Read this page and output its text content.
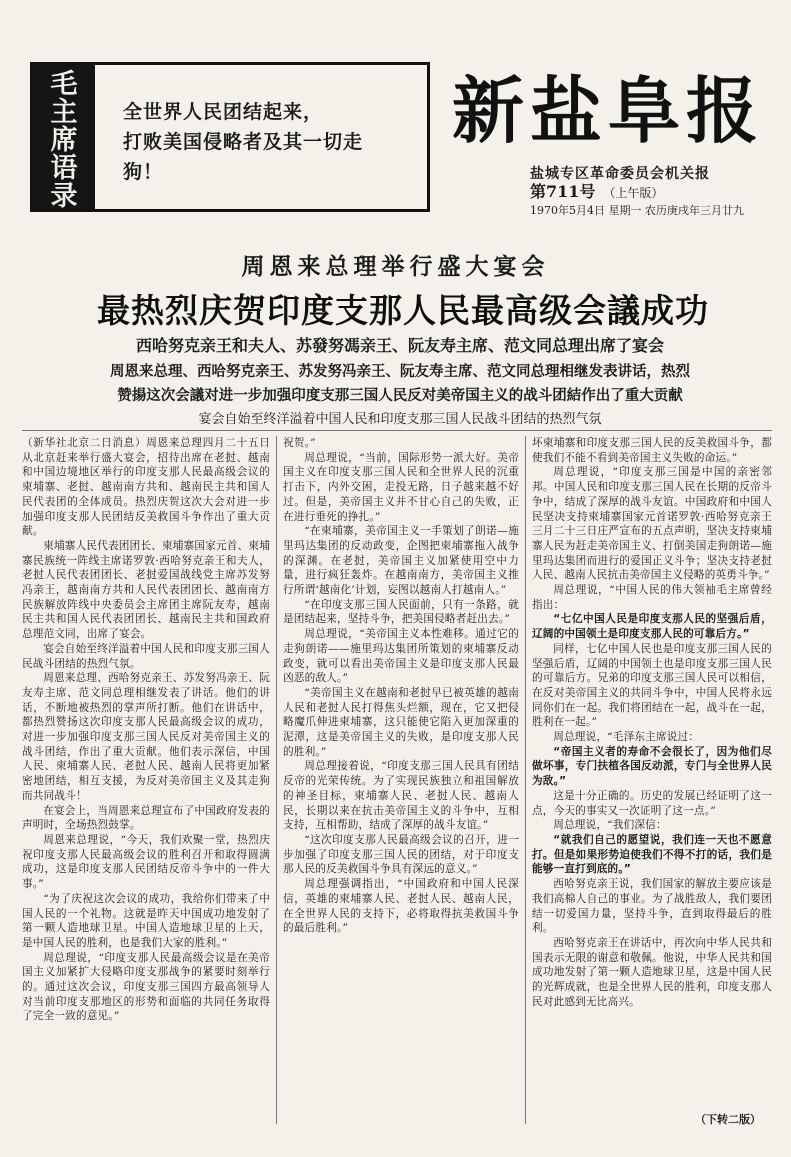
毛
主
席
语
录
全世界人民团结起来，
打败美国侵略者及其一切走
狗！
新盐阜报
盐城专区革命委员会机关报
第711号 （上午版）
1970年5月4日 星期一 农历庚戌年三月廿九
周恩来总理举行盛大宴会
最热烈庆贺印度支那人民最高级会議成功
西哈努克亲王和夫人、苏發努馮亲王、阮友寿主席、范文同总理出席了宴会
周恩来总理、西哈努克亲王、苏发努冯亲王、阮友寿主席、范文同总理相继发表讲话，热烈
赞揚这次会議对进一步加强印度支那三国人民反对美帝国主义的战斗团結作出了重大贡献
宴会自始至终洋溢着中国人民和印度支那三国人民战斗团结的热烈气氛

（新华社北京二日消息）周恩来总理四月二十五日从北京赶来举行盛大宴会，招待出席在老挝、越南和中国边境地区举行的印度支那人民最高级会议的柬埔寨、老挝、越南南方共和、越南民主共和国人民代表团的全体成员。热烈庆贺这次大会对进一步加强印度支那人民团结反美救国斗争作出了重大贡献。

柬埔寨人民代表团团长、柬埔寨国家元首、柬埔寨民族统一阵线主席诺罗敦·西哈努克亲王和夫人，老挝人民代表团团长、老挝爱国战线党主席苏发努冯亲王，越南南方共和人民代表团团长、越南南方民族解放阵线中央委员会主席团主席阮友寿，越南民主共和国人民代表团团长、越南民主共和国政府总理范文同，出席了宴会。

宴会自始至终洋溢着中国人民和印度支那三国人民战斗团结的热烈气氛。

周恩来总理、西哈努克亲王、苏发努冯亲王、阮友寿主席、范文同总理相继发表了讲话。他们的讲话，不断地被热烈的掌声所打断。他们在讲话中，都热烈赞扬这次印度支那人民最高级会议的成功，对进一步加强印度支那三国人民反对美帝国主义的战斗团结，作出了重大贡献。他们表示深信，中国人民、柬埔寨人民、老挝人民、越南人民将更加紧密地团结，相互支援，为反对美帝国主义及其走狗而共同战斗！

在宴会上，当周恩来总理宣布了中国政府发表的声明时，全场热烈鼓掌。

周恩来总理说，“今天，我们欢聚一堂，热烈庆祝印度支那人民最高级会议的胜利召开和取得圆满成功，这是印度支那人民团结反帝斗争中的一件大事。”

“为了庆祝这次会议的成功，我给你们带来了中国人民的一个礼物。这就是昨天中国成功地发射了第一颗人造地球卫星。中国人造地球卫星的上天，是中国人民的胜利，也是我们大家的胜利。”

周总理说，“印度支那人民最高级会议是在美帝国主义加紧扩大侵略印度支那战争的紧要时刻举行的。通过这次会议，印度支那三国四方最高领导人对当前印度支那地区的形势和面临的共同任务取得了完全一致的意见。”

祝贺。”

周总理说，“当前，国际形势一派大好。美帝国主义在印度支那三国人民和全世界人民的沉重打击下，内外交困，走投无路，日子越来越不好过。但是，美帝国主义并不甘心自己的失败，正在进行垂死的挣扎。”

“在柬埔寨，美帝国主义一手策划了朗诺—施里玛达集团的反动政变，企图把柬埔寨拖入战争的深渊。在老挝，美帝国主义加紧使用空中力量，进行疯狂轰炸。在越南南方，美帝国主义推行所谓‘越南化’计划，妄图以越南人打越南人。”

“在印度支那三国人民面前，只有一条路，就是团结起来，坚持斗争，把美国侵略者赶出去。”

周总理说，“美帝国主义本性难移。通过它的走狗朗诺——施里玛达集团所策划的柬埔寨反动政变，就可以看出美帝国主义是印度支那人民最凶恶的敌人。”

“美帝国主义在越南和老挝早已被英雄的越南人民和老挝人民打得焦头烂额，现在，它又把侵略魔爪伸进柬埔寨，这只能使它陷入更加深重的泥潭，这是美帝国主义的失败，是印度支那人民的胜利。”

周总理接着说，“印度支那三国人民具有团结反帝的光荣传统。为了实现民族独立和祖国解放的神圣目标，柬埔寨人民、老挝人民、越南人民，长期以来在抗击美帝国主义的斗争中，互相支持，互相帮助，结成了深厚的战斗友谊。”

“这次印度支那人民最高级会议的召开，进一步加强了印度支那三国人民的团结，对于印度支那人民的反美救国斗争具有深远的意义。”

周总理强调指出，“中国政府和中国人民深信，英雄的柬埔寨人民、老挝人民、越南人民，在全世界人民的支持下，必将取得抗美救国斗争的最后胜利。”

坏柬埔寨和印度支那三国人民的反美救国斗争，都使我们不能不看到美帝国主义失败的命运。”

周总理说，“印度支那三国是中国的亲密邻邦。中国人民和印度支那三国人民在长期的反帝斗争中，结成了深厚的战斗友谊。中国政府和中国人民坚决支持柬埔寨国家元首诺罗敦·西哈努克亲王三月二十三日庄严宣布的五点声明，坚决支持柬埔寨人民为赶走美帝国主义、打倒美国走狗朗诺—施里玛达集团而进行的爱国正义斗争；坚决支持老挝人民、越南人民抗击美帝国主义侵略的英勇斗争。”

周总理说，“中国人民的伟大领袖毛主席曾经指出：

“七亿中国人民是印度支那人民的坚强后盾，辽阔的中国领土是印度支那人民的可靠后方。”

同样，七亿中国人民也是印度支那三国人民的坚强后盾，辽阔的中国领土也是印度支那三国人民的可靠后方。兄弟的印度支那三国人民可以相信，在反对美帝国主义的共同斗争中，中国人民将永远同你们在一起。我们将团结在一起，战斗在一起，胜利在一起。”

周总理说，“毛泽东主席说过：

“帝国主义者的寿命不会很长了，因为他们尽做坏事，专门扶植各国反动派，专门与全世界人民为敌。”

这是十分正确的。历史的发展已经证明了这一点，今天的事实又一次证明了这一点。”

周总理说，“我们深信：

“就我们自己的愿望说，我们连一天也不愿意打。但是如果形势迫使我们不得不打的话，我们是能够一直打到底的。”

西哈努克亲王说，我们国家的解放主要应该是我们高棉人自己的事业。为了战胜敌人，我们要团结一切爱国力量，坚持斗争，直到取得最后的胜利。

西哈努克亲王在讲话中，再次向中华人民共和国表示无限的谢意和敬佩。他说，中华人民共和国成功地发射了第一颗人造地球卫星，这是中国人民的光辉成就，也是全世界人民的胜利，印度支那人民对此感到无比高兴。

（下转二版）
